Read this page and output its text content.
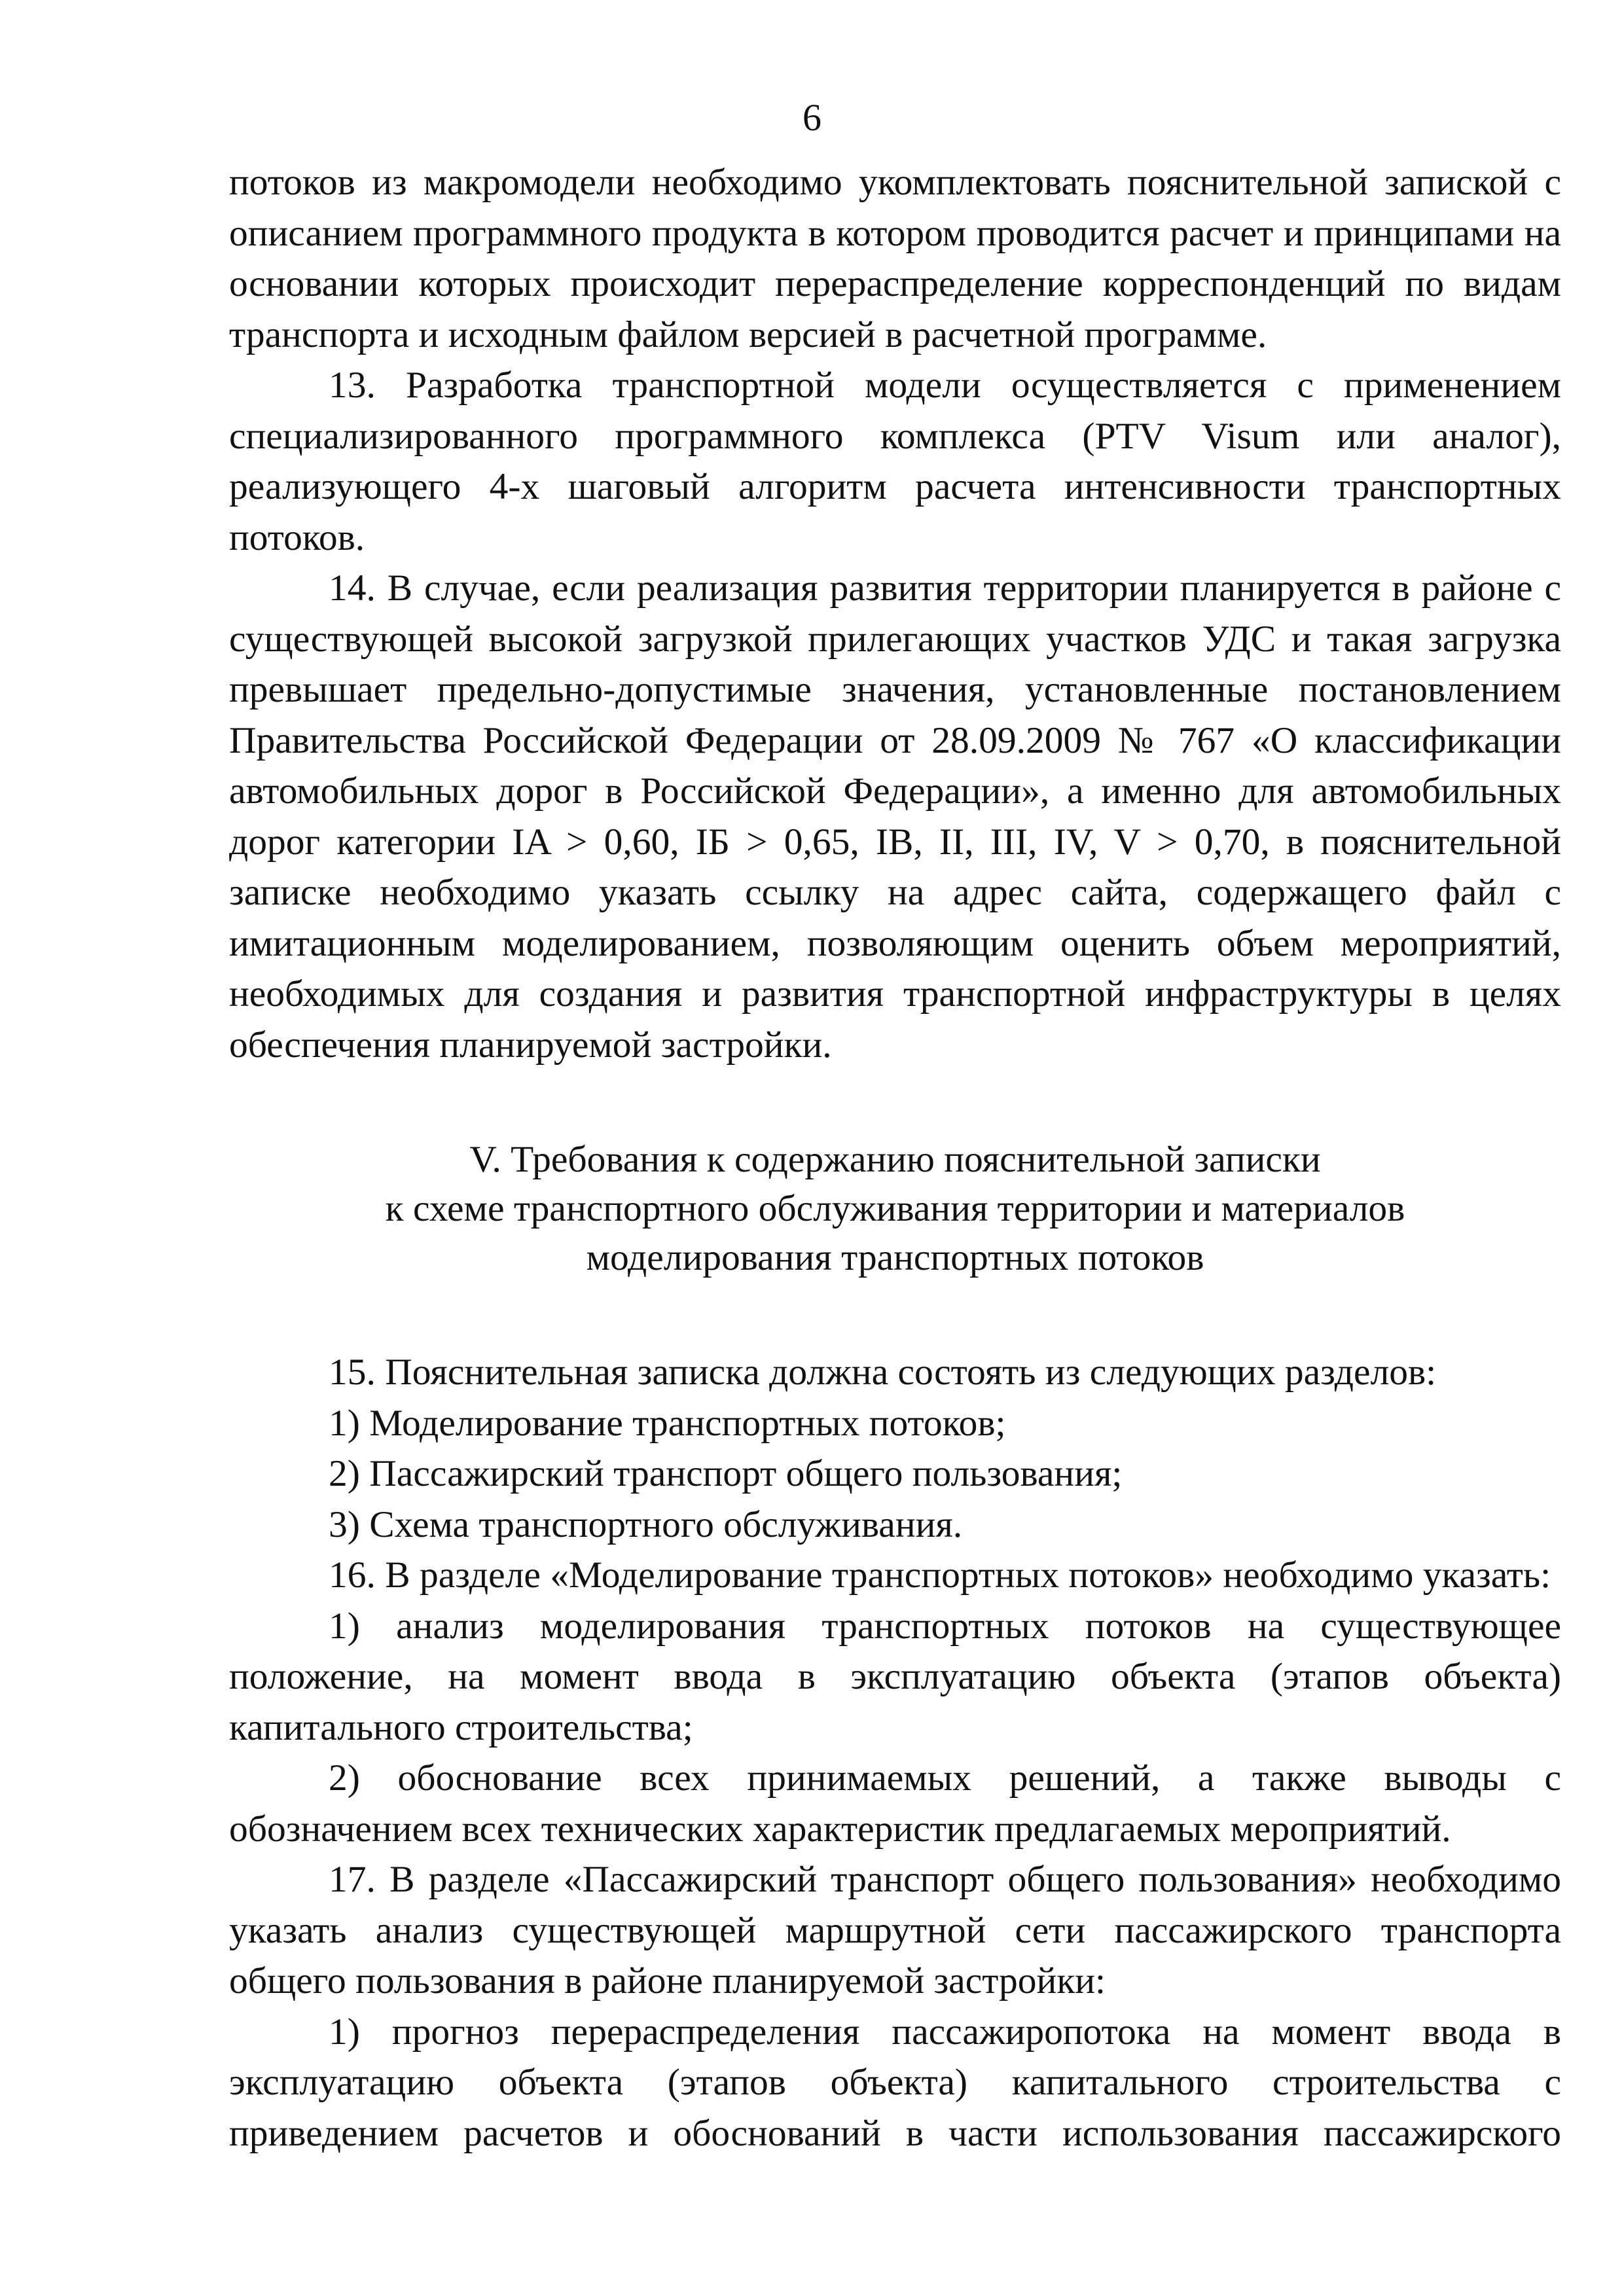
6

потоков из макромодели необходимо укомплектовать пояснительной запиской с описанием программного продукта в котором проводится расчет и принципами на основании которых происходит перераспределение корреспонденций по видам транспорта и исходным файлом версией в расчетной программе.

13. Разработка транспортной модели осуществляется с применением специализированного программного комплекса (PTV Visum или аналог), реализующего 4-х шаговый алгоритм расчета интенсивности транспортных потоков.

14. В случае, если реализация развития территории планируется в районе с существующей высокой загрузкой прилегающих участков УДС и такая загрузка превышает предельно-допустимые значения, установленные постановлением Правительства Российской Федерации от 28.09.2009 № 767 «О классификации автомобильных дорог в Российской Федерации», а именно для автомобильных дорог категории IA > 0,60, IБ > 0,65, IB, II, III, IV, V > 0,70, в пояснительной записке необходимо указать ссылку на адрес сайта, содержащего файл с имитационным моделированием, позволяющим оценить объем мероприятий, необходимых для создания и развития транспортной инфраструктуры в целях обеспечения планируемой застройки.

V. Требования к содержанию пояснительной записки
к схеме транспортного обслуживания территории и материалов
моделирования транспортных потоков

15. Пояснительная записка должна состоять из следующих разделов:

1) Моделирование транспортных потоков;

2) Пассажирский транспорт общего пользования;

3) Схема транспортного обслуживания.

16. В разделе «Моделирование транспортных потоков» необходимо указать:

1) анализ моделирования транспортных потоков на существующее положение, на момент ввода в эксплуатацию объекта (этапов объекта) капитального строительства;

2) обоснование всех принимаемых решений, а также выводы с обозначением всех технических характеристик предлагаемых мероприятий.

17. В разделе «Пассажирский транспорт общего пользования» необходимо указать анализ существующей маршрутной сети пассажирского транспорта общего пользования в районе планируемой застройки:

1) прогноз перераспределения пассажиропотока на момент ввода в эксплуатацию объекта (этапов объекта) капитального строительства с приведением расчетов и обоснований в части использования пассажирского
